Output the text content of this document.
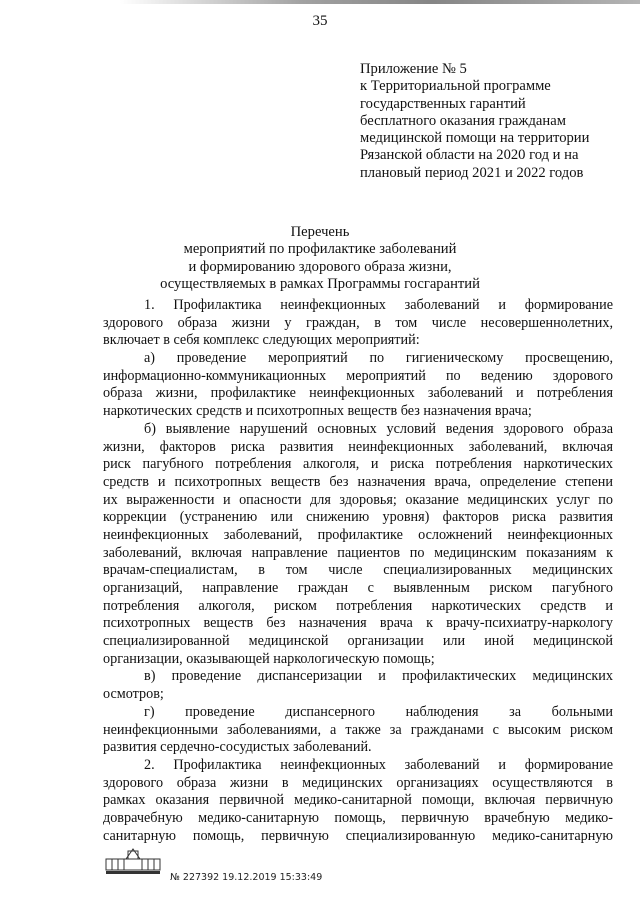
35
Приложение № 5
к Территориальной программе
государственных гарантий
бесплатного оказания гражданам
медицинской помощи на территории
Рязанской области на 2020 год и на
плановый период 2021 и 2022 годов
Перечень
мероприятий по профилактике заболеваний
и формированию здорового образа жизни,
осуществляемых в рамках Программы госгарантий
1. Профилактика неинфекционных заболеваний и формирование
здорового образа жизни у граждан, в том числе несовершеннолетних,
включает в себя комплекс следующих мероприятий:
а) проведение мероприятий по гигиеническому просвещению,
информационно-коммуникационных мероприятий по ведению здорового
образа жизни, профилактике неинфекционных заболеваний и потребления
наркотических средств и психотропных веществ без назначения врача;
б) выявление нарушений основных условий ведения здорового образа
жизни, факторов риска развития неинфекционных заболеваний, включая
риск пагубного потребления алкоголя, и риска потребления наркотических
средств и психотропных веществ без назначения врача, определение степени
их выраженности и опасности для здоровья; оказание медицинских услуг по
коррекции (устранению или снижению уровня) факторов риска развития
неинфекционных заболеваний, профилактике осложнений неинфекционных
заболеваний, включая направление пациентов по медицинским показаниям к
врачам-специалистам, в том числе специализированных медицинских
организаций, направление граждан с выявленным риском пагубного
потребления алкоголя, риском потребления наркотических средств и
психотропных веществ без назначения врача к врачу-психиатру-наркологу
специализированной медицинской организации или иной медицинской
организации, оказывающей наркологическую помощь;
в) проведение диспансеризации и профилактических медицинских
осмотров;
г) проведение диспансерного наблюдения за больными
неинфекционными заболеваниями, а также за гражданами с высоким риском
развития сердечно-сосудистых заболеваний.
2. Профилактика неинфекционных заболеваний и формирование
здорового образа жизни в медицинских организациях осуществляются в
рамках оказания первичной медико-санитарной помощи, включая первичную
доврачебную медико-санитарную помощь, первичную врачебную медико-
санитарную помощь, первичную специализированную медико-санитарную
№ 227392 19.12.2019 15:33:49
